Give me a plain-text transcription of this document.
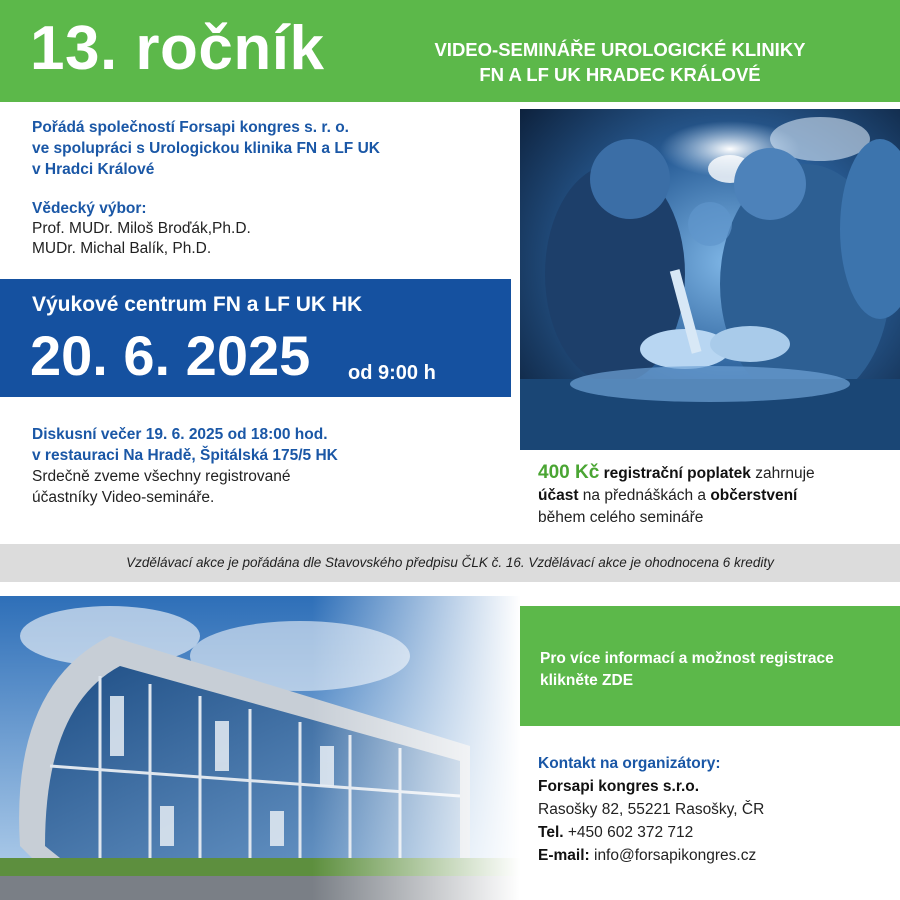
13. ročník	VIDEO-SEMINÁŘE UROLOGICKÉ KLINIKY
FN A LF UK HRADEC KRÁLOVÉ
Pořádá společností Forsapi kongres s. r. o.
ve spolupráci s Urologickou klinika FN a LF UK
v Hradci Králové
Vědecký výbor:
Prof. MUDr. Miloš Broďák,Ph.D.
MUDr. Michal Balík, Ph.D.
Výukové centrum FN a LF UK HK
20. 6. 2025 od 9:00 h
Diskusní večer 19. 6. 2025 od 18:00 hod.
v restauraci Na Hradě, Špitálská 175/5 HK
Srdečně zveme všechny registrované
účastníky Video-semináře.
400 Kč registrační poplatek zahrnuje
účast na přednáškách a občerstvení
během celého semináře
Vzdělávací akce je pořádána dle Stavovského předpisu ČLK č. 16. Vzdělávací akce je ohodnocena 6 kredity
Pro více informací a možnost registrace
klikněte ZDE
Kontakt na organizátory:
Forsapi kongres s.r.o.
Rasošky 82, 55221 Rasošky, ČR
Tel. +450 602 372 712
E-mail: info@forsapikongres.cz
